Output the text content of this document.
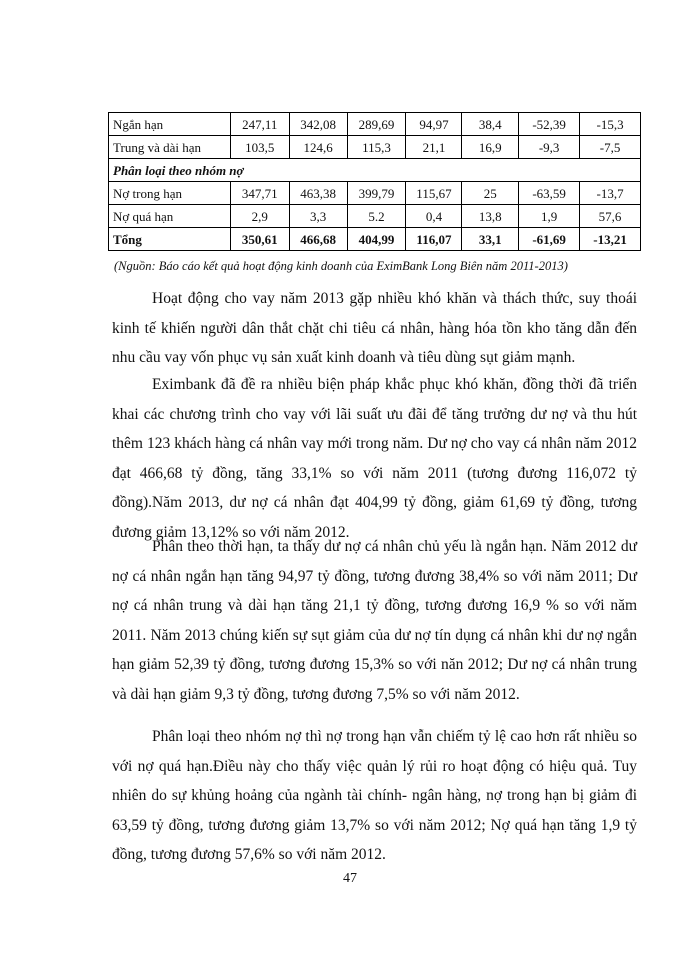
Ngắn hạn	247,11	342,08	289,69	94,97	38,4	-52,39	-15,3
Trung và dài hạn	103,5	124,6	115,3	21,1	16,9	-9,3	-7,5
Phân loại theo nhóm nợ							
Nợ trong hạn	347,71	463,38	399,79	115,67	25	-63,59	-13,7
Nợ quá hạn	2,9	3,3	5.2	0,4	13,8	1,9	57,6
Tổng	350,61	466,68	404,99	116,07	33,1	-61,69	-13,21
(Nguồn: Báo cáo kết quả hoạt động kinh doanh của EximBank Long Biên năm 2011-2013)

Hoạt động cho vay năm 2013 gặp nhiều khó khăn và thách thức, suy thoái kinh tế khiến người dân thắt chặt chi tiêu cá nhân, hàng hóa tồn kho tăng dẫn đến nhu cầu vay vốn phục vụ sản xuất kinh doanh và tiêu dùng sụt giảm mạnh.

Eximbank đã đề ra nhiều biện pháp khắc phục khó khăn, đồng thời đã triển khai các chương trình cho vay với lãi suất ưu đãi để tăng trưởng dư nợ và thu hút thêm 123 khách hàng cá nhân vay mới trong năm. Dư nợ cho vay cá nhân năm 2012 đạt 466,68 tỷ đồng, tăng 33,1% so với năm 2011 (tương đương 116,072 tỷ đồng).Năm 2013, dư nợ cá nhân đạt 404,99 tỷ đồng, giảm 61,69 tỷ đồng, tương đương giảm 13,12% so với năm 2012.

Phân theo thời hạn, ta thấy dư nợ cá nhân chủ yếu là ngắn hạn. Năm 2012 dư nợ cá nhân ngắn hạn tăng 94,97 tỷ đồng, tương đương 38,4% so với năm 2011; Dư nợ cá nhân trung và dài hạn tăng 21,1 tỷ đồng, tương đương 16,9 % so với năm 2011. Năm 2013 chúng kiến sự sụt giảm của dư nợ tín dụng cá nhân khi dư nợ ngắn hạn giảm 52,39 tỷ đồng, tương đương 15,3% so với năn 2012; Dư nợ cá nhân trung và dài hạn giảm 9,3 tỷ đồng, tương đương 7,5% so với năm 2012.

Phân loại theo nhóm nợ thì nợ trong hạn vẫn chiếm tỷ lệ cao hơn rất nhiều so với nợ quá hạn.Điều này cho thấy việc quản lý rủi ro hoạt động có hiệu quả. Tuy nhiên do sự khủng hoảng của ngành tài chính- ngân hàng, nợ trong hạn bị giảm đi 63,59 tỷ đồng, tương đương giảm 13,7% so với năm 2012; Nợ quá hạn tăng 1,9 tỷ đồng, tương đương 57,6% so với năm 2012.

47
